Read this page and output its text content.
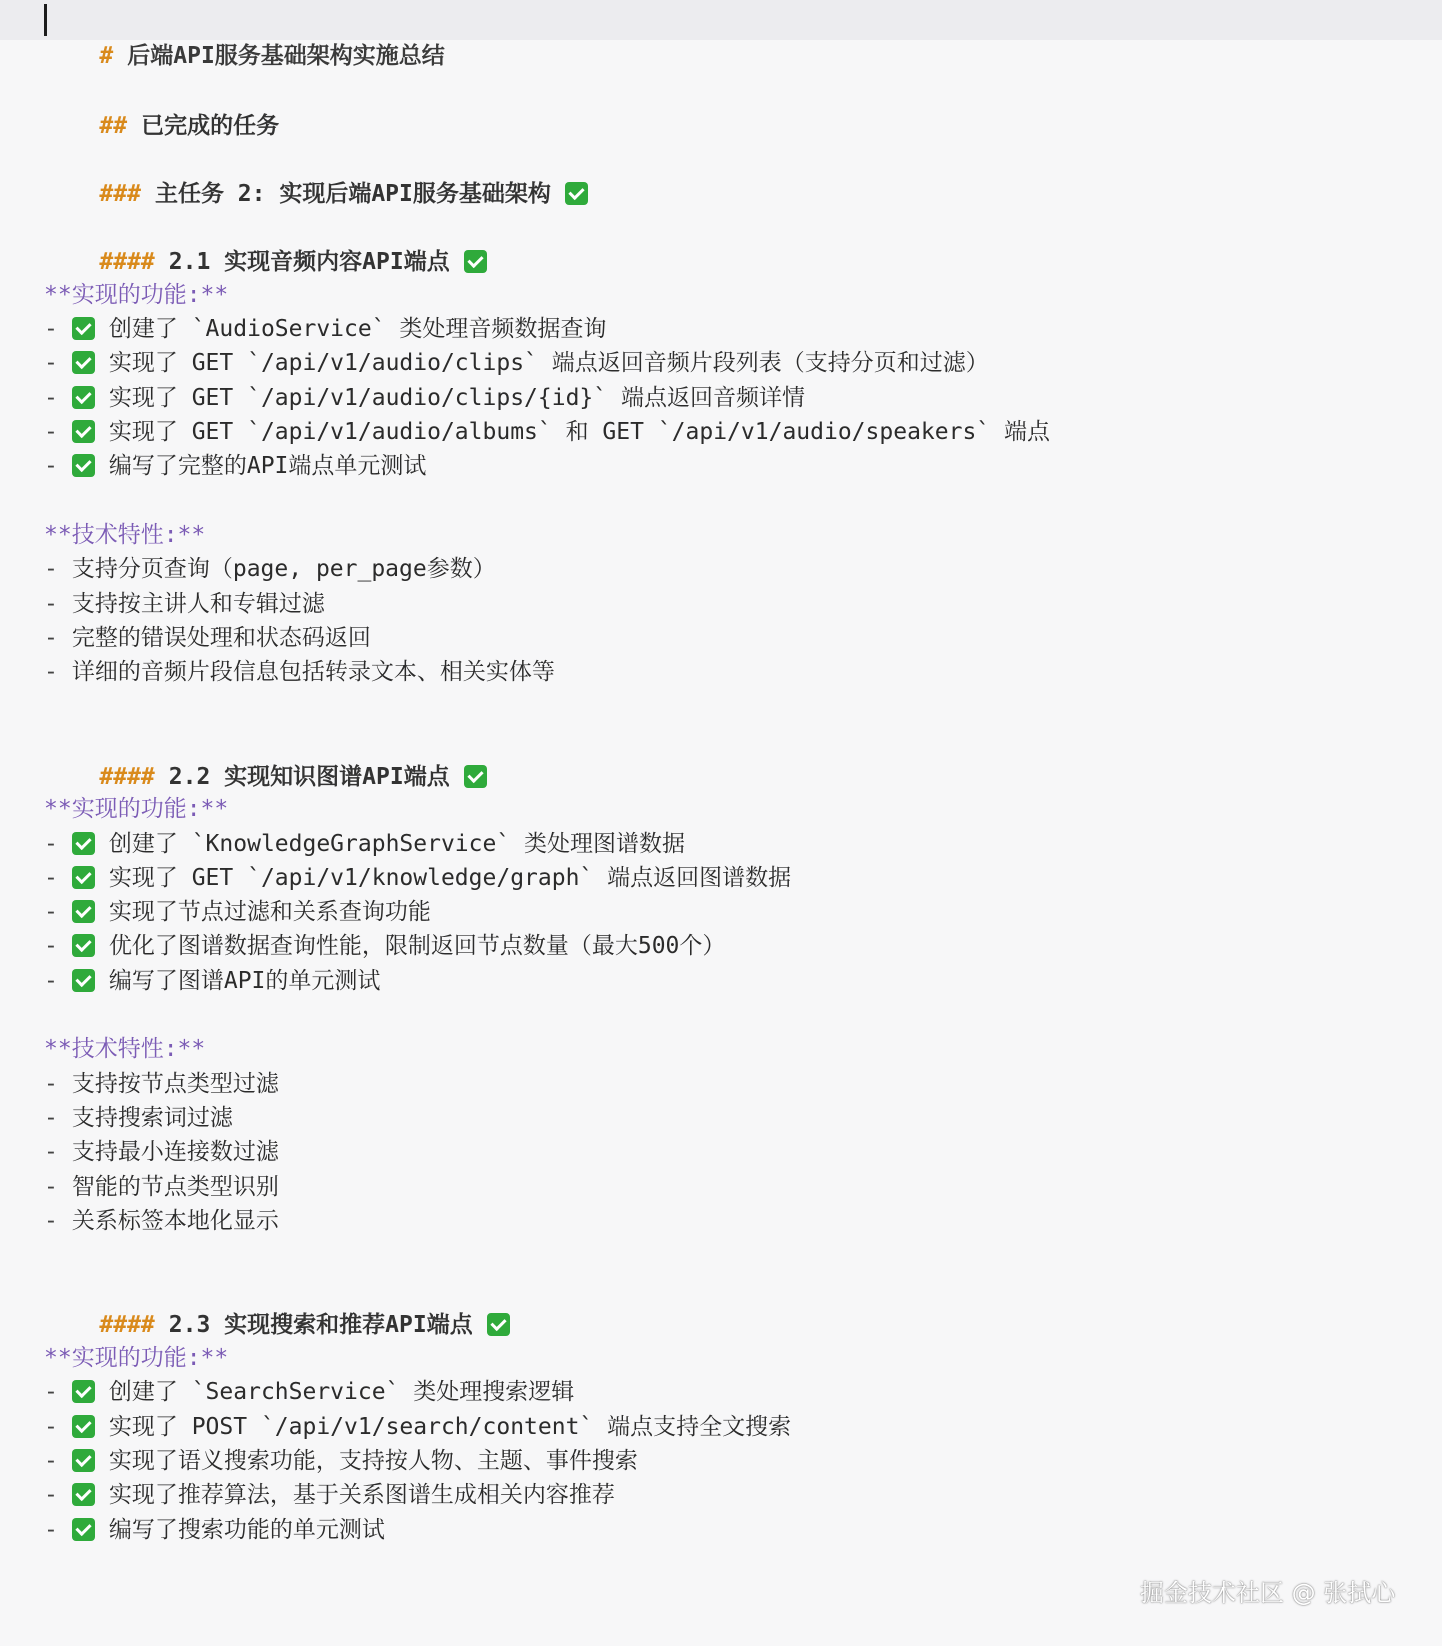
# 后端API服务基础架构实施总结

## 已完成的任务

### 主任务 2: 实现后端API服务基础架构

#### 2.1 实现音频内容API端点

**实现的功能:**
- 创建了 `AudioService` 类处理音频数据查询
- 实现了 GET `/api/v1/audio/clips` 端点返回音频片段列表（支持分页和过滤）
- 实现了 GET `/api/v1/audio/clips/{id}` 端点返回音频详情
- 实现了 GET `/api/v1/audio/albums` 和 GET `/api/v1/audio/speakers` 端点
- 编写了完整的API端点单元测试
**技术特性:**
- 支持分页查询（page, per_page参数）
- 支持按主讲人和专辑过滤
- 完整的错误处理和状态码返回
- 详细的音频片段信息包括转录文本、相关实体等

#### 2.2 实现知识图谱API端点

**实现的功能:**
- 创建了 `KnowledgeGraphService` 类处理图谱数据
- 实现了 GET `/api/v1/knowledge/graph` 端点返回图谱数据
- 实现了节点过滤和关系查询功能
- 优化了图谱数据查询性能，限制返回节点数量（最大500个）
- 编写了图谱API的单元测试
**技术特性:**
- 支持按节点类型过滤
- 支持搜索词过滤
- 支持最小连接数过滤
- 智能的节点类型识别
- 关系标签本地化显示

#### 2.3 实现搜索和推荐API端点

**实现的功能:**
- 创建了 `SearchService` 类处理搜索逻辑
- 实现了 POST `/api/v1/search/content` 端点支持全文搜索
- 实现了语义搜索功能，支持按人物、主题、事件搜索
- 实现了推荐算法，基于关系图谱生成相关内容推荐
- 编写了搜索功能的单元测试
掘金技术社区 @ 张拭心
